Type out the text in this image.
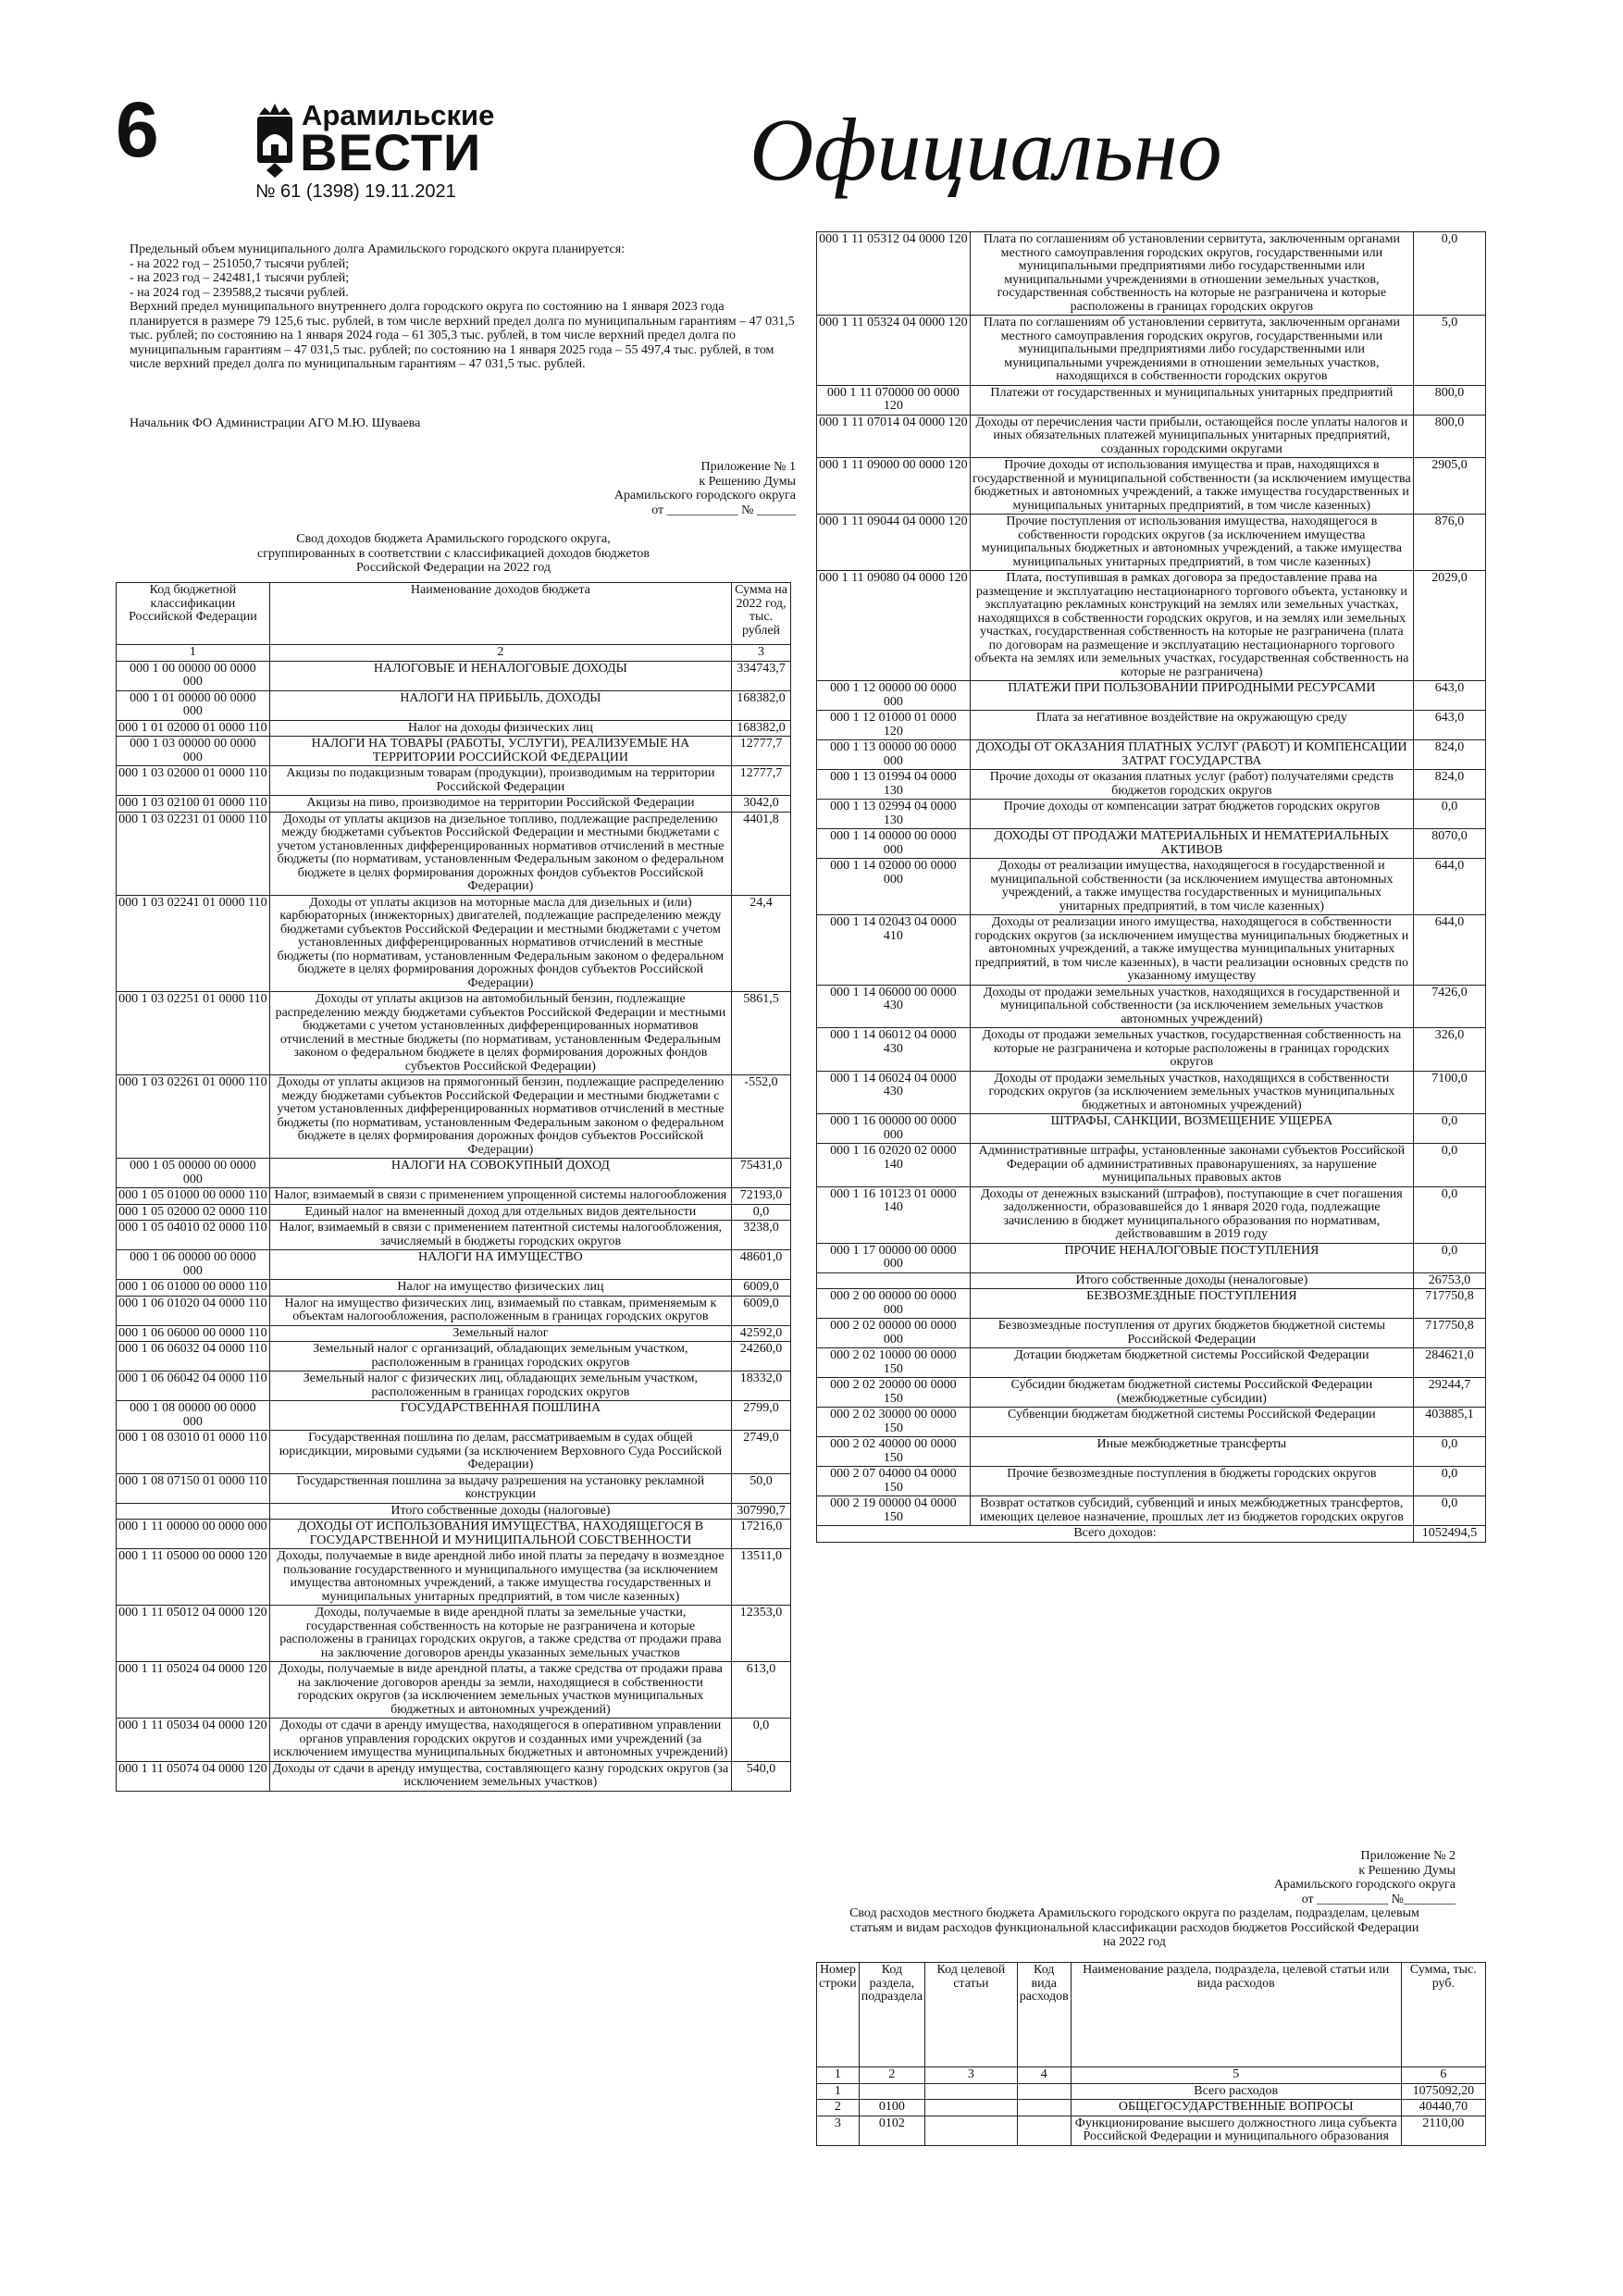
6	Арамильские
ВЕСТИ
№ 61 (1398) 19.11.2021	Официально

Предельный объем муниципального долга Арамильского городского округа планируется:

- на 2022 год – 251050,7 тысячи рублей;

- на 2023 год – 242481,1 тысячи рублей;

- на 2024 год – 239588,2 тысячи рублей.

Верхний предел муниципального внутреннего долга городского округа по состоянию на 1 января 2023 года планируется в размере 79 125,6 тыс. рублей, в том числе верхний предел долга по муниципальным гарантиям – 47 031,5 тыс. рублей; по состоянию на 1 января 2024 года – 61 305,3 тыс. рублей, в том числе верхний предел долга по муниципальным гарантиям – 47 031,5 тыс. рублей; по состоянию на 1 января 2025 года – 55 497,4 тыс. рублей, в том числе верхний предел долга по муниципальным гарантиям – 47 031,5 тыс. рублей.

Начальник ФО Администрации АГО М.Ю. Шуваева

Приложение № 1

к Решению Думы

Арамильского городского округа

от ___________ № ______

Свод доходов бюджета Арамильского городского округа,

сгруппированных в соответствии с классификацией доходов бюджетов

Российской Федерации на 2022 год

Код бюджетной классификации Российской Федерации	Наименование доходов бюджета	Сумма на 2022 год, тыс. рублей
1	2	3
000 1 00 00000 00 0000 000	НАЛОГОВЫЕ И НЕНАЛОГОВЫЕ ДОХОДЫ	334743,7
000 1 01 00000 00 0000 000	НАЛОГИ НА ПРИБЫЛЬ, ДОХОДЫ	168382,0
000 1 01 02000 01 0000 110	Налог на доходы физических лиц	168382,0
000 1 03 00000 00 0000 000	НАЛОГИ НА ТОВАРЫ (РАБОТЫ, УСЛУГИ), РЕАЛИЗУЕМЫЕ НА ТЕРРИТОРИИ РОССИЙСКОЙ ФЕДЕРАЦИИ	12777,7
000 1 03 02000 01 0000 110	Акцизы по подакцизным товарам (продукции), производимым на территории Российской Федерации	12777,7
000 1 03 02100 01 0000 110	Акцизы на пиво, производимое на территории Российской Федерации	3042,0
000 1 03 02231 01 0000 110	Доходы от уплаты акцизов на дизельное топливо, подлежащие распределению между бюджетами субъектов Российской Федерации и местными бюджетами с учетом установленных дифференцированных нормативов отчислений в местные бюджеты (по нормативам, установленным Федеральным законом о федеральном бюджете в целях формирования дорожных фондов субъектов Российской Федерации)	4401,8
000 1 03 02241 01 0000 110	Доходы от уплаты акцизов на моторные масла для дизельных и (или) карбюраторных (инжекторных) двигателей, подлежащие распределению между бюджетами субъектов Российской Федерации и местными бюджетами с учетом установленных дифференцированных нормативов отчислений в местные бюджеты (по нормативам, установленным Федеральным законом о федеральном бюджете в целях формирования дорожных фондов субъектов Российской Федерации)	24,4
000 1 03 02251 01 0000 110	Доходы от уплаты акцизов на автомобильный бензин, подлежащие распределению между бюджетами субъектов Российской Федерации и местными бюджетами с учетом установленных дифференцированных нормативов отчислений в местные бюджеты (по нормативам, установленным Федеральным законом о федеральном бюджете в целях формирования дорожных фондов субъектов Российской Федерации)	5861,5
000 1 03 02261 01 0000 110	Доходы от уплаты акцизов на прямогонный бензин, подлежащие распределению между бюджетами субъектов Российской Федерации и местными бюджетами с учетом установленных дифференцированных нормативов отчислений в местные бюджеты (по нормативам, установленным Федеральным законом о федеральном бюджете в целях формирования дорожных фондов субъектов Российской Федерации)	-552,0
000 1 05 00000 00 0000 000	НАЛОГИ НА СОВОКУПНЫЙ ДОХОД	75431,0
000 1 05 01000 00 0000 110	Налог, взимаемый в связи с применением упрощенной системы налогообложения	72193,0
000 1 05 02000 02 0000 110	Единый налог на вмененный доход для отдельных видов деятельности	0,0
000 1 05 04010 02 0000 110	Налог, взимаемый в связи с применением патентной системы налогообложения, зачисляемый в бюджеты городских округов	3238,0
000 1 06 00000 00 0000 000	НАЛОГИ НА ИМУЩЕСТВО	48601,0
000 1 06 01000 00 0000 110	Налог на имущество физических лиц	6009,0
000 1 06 01020 04 0000 110	Налог на имущество физических лиц, взимаемый по ставкам, применяемым к объектам налогообложения, расположенным в границах городских округов	6009,0
000 1 06 06000 00 0000 110	Земельный налог	42592,0
000 1 06 06032 04 0000 110	Земельный налог с организаций, обладающих земельным участком, расположенным в границах городских округов	24260,0
000 1 06 06042 04 0000 110	Земельный налог с физических лиц, обладающих земельным участком, расположенным в границах городских округов	18332,0
000 1 08 00000 00 0000 000	ГОСУДАРСТВЕННАЯ ПОШЛИНА	2799,0
000 1 08 03010 01 0000 110	Государственная пошлина по делам, рассматриваемым в судах общей юрисдикции, мировыми судьями (за исключением Верховного Суда Российской Федерации)	2749,0
000 1 08 07150 01 0000 110	Государственная пошлина за выдачу разрешения на установку рекламной конструкции	50,0
	Итого собственные доходы (налоговые)	307990,7
000 1 11 00000 00 0000 000	ДОХОДЫ ОТ ИСПОЛЬЗОВАНИЯ ИМУЩЕСТВА, НАХОДЯЩЕГОСЯ В ГОСУДАРСТВЕННОЙ И МУНИЦИПАЛЬНОЙ СОБСТВЕННОСТИ	17216,0
000 1 11 05000 00 0000 120	Доходы, получаемые в виде арендной либо иной платы за передачу в возмездное пользование государственного и муниципального имущества (за исключением имущества автономных учреждений, а также имущества государственных и муниципальных унитарных предприятий, в том числе казенных)	13511,0
000 1 11 05012 04 0000 120	Доходы, получаемые в виде арендной платы за земельные участки, государственная собственность на которые не разграничена и которые расположены в границах городских округов, а также средства от продажи права на заключение договоров аренды указанных земельных участков	12353,0
000 1 11 05024 04 0000 120	Доходы, получаемые в виде арендной платы, а также средства от продажи права на заключение договоров аренды за земли, находящиеся в собственности городских округов (за исключением земельных участков муниципальных бюджетных и автономных учреждений)	613,0
000 1 11 05034 04 0000 120	Доходы от сдачи в аренду имущества, находящегося в оперативном управлении органов управления городских округов и созданных ими учреждений (за исключением имущества муниципальных бюджетных и автономных учреждений)	0,0
000 1 11 05074 04 0000 120	Доходы от сдачи в аренду имущества, составляющего казну городских округов (за исключением земельных участков)	540,0
000 1 11 05312 04 0000 120	Плата по соглашениям об установлении сервитута, заключенным органами местного самоуправления городских округов, государственными или муниципальными предприятиями либо государственными или муниципальными учреждениями в отношении земельных участков, государственная собственность на которые не разграничена и которые расположены в границах городских округов	0,0
000 1 11 05324 04 0000 120	Плата по соглашениям об установлении сервитута, заключенным органами местного самоуправления городских округов, государственными или муниципальными предприятиями либо государственными или муниципальными учреждениями в отношении земельных участков, находящихся в собственности городских округов	5,0
000 1 11 070000 00 0000 120	Платежи от государственных и муниципальных унитарных предприятий	800,0
000 1 11 07014 04 0000 120	Доходы от перечисления части прибыли, остающейся после уплаты налогов и иных обязательных платежей муниципальных унитарных предприятий, созданных городскими округами	800,0
000 1 11 09000 00 0000 120	Прочие доходы от использования имущества и прав, находящихся в государственной и муниципальной собственности (за исключением имущества бюджетных и автономных учреждений, а также имущества государственных и муниципальных унитарных предприятий, в том числе казенных)	2905,0
000 1 11 09044 04 0000 120	Прочие поступления от использования имущества, находящегося в собственности городских округов (за исключением имущества муниципальных бюджетных и автономных учреждений, а также имущества муниципальных унитарных предприятий, в том числе казенных)	876,0
000 1 11 09080 04 0000 120	Плата, поступившая в рамках договора за предоставление права на размещение и эксплуатацию нестационарного торгового объекта, установку и эксплуатацию рекламных конструкций на землях или земельных участках, находящихся в собственности городских округов, и на землях или земельных участках, государственная собственность на которые не разграничена (плата по договорам на размещение и эксплуатацию нестационарного торгового объекта на землях или земельных участках, государственная собственность на которые не разграничена)	2029,0
000 1 12 00000 00 0000 000	ПЛАТЕЖИ ПРИ ПОЛЬЗОВАНИИ ПРИРОДНЫМИ РЕСУРСАМИ	643,0
000 1 12 01000 01 0000 120	Плата за негативное воздействие на окружающую среду	643,0
000 1 13 00000 00 0000 000	ДОХОДЫ ОТ ОКАЗАНИЯ ПЛАТНЫХ УСЛУГ (РАБОТ) И КОМПЕНСАЦИИ ЗАТРАТ ГОСУДАРСТВА	824,0
000 1 13 01994 04 0000 130	Прочие доходы от оказания платных услуг (работ) получателями средств бюджетов городских округов	824,0
000 1 13 02994 04 0000 130	Прочие доходы от компенсации затрат бюджетов городских округов	0,0
000 1 14 00000 00 0000 000	ДОХОДЫ ОТ ПРОДАЖИ МАТЕРИАЛЬНЫХ И НЕМАТЕРИАЛЬНЫХ АКТИВОВ	8070,0
000 1 14 02000 00 0000 000	Доходы от реализации имущества, находящегося в государственной и муниципальной собственности (за исключением имущества автономных учреждений, а также имущества государственных и муниципальных унитарных предприятий, в том числе казенных)	644,0
000 1 14 02043 04 0000 410	Доходы от реализации иного имущества, находящегося в собственности городских округов (за исключением имущества муниципальных бюджетных и автономных учреждений, а также имущества муниципальных унитарных предприятий, в том числе казенных), в части реализации основных средств по указанному имуществу	644,0
000 1 14 06000 00 0000 430	Доходы от продажи земельных участков, находящихся в государственной и муниципальной собственности (за исключением земельных участков автономных учреждений)	7426,0
000 1 14 06012 04 0000 430	Доходы от продажи земельных участков, государственная собственность на которые не разграничена и которые расположены в границах городских округов	326,0
000 1 14 06024 04 0000 430	Доходы от продажи земельных участков, находящихся в собственности городских округов (за исключением земельных участков муниципальных бюджетных и автономных учреждений)	7100,0
000 1 16 00000 00 0000 000	ШТРАФЫ, САНКЦИИ, ВОЗМЕЩЕНИЕ УЩЕРБА	0,0
000 1 16 02020 02 0000 140	Административные штрафы, установленные законами субъектов Российской Федерации об административных правонарушениях, за нарушение муниципальных правовых актов	0,0
000 1 16 10123 01 0000 140	Доходы от денежных взысканий (штрафов), поступающие в счет погашения задолженности, образовавшейся до 1 января 2020 года, подлежащие зачислению в бюджет муниципального образования по нормативам, действовавшим в 2019 году	0,0
000 1 17 00000 00 0000 000	ПРОЧИЕ НЕНАЛОГОВЫЕ ПОСТУПЛЕНИЯ	0,0
	Итого собственные доходы (неналоговые)	26753,0
000 2 00 00000 00 0000 000	БЕЗВОЗМЕЗДНЫЕ ПОСТУПЛЕНИЯ	717750,8
000 2 02 00000 00 0000 000	Безвозмездные поступления от других бюджетов бюджетной системы Российской Федерации	717750,8
000 2 02 10000 00 0000 150	Дотации бюджетам бюджетной системы Российской Федерации	284621,0
000 2 02 20000 00 0000 150	Субсидии бюджетам бюджетной системы Российской Федерации (межбюджетные субсидии)	29244,7
000 2 02 30000 00 0000 150	Субвенции бюджетам бюджетной системы Российской Федерации	403885,1
000 2 02 40000 00 0000 150	Иные межбюджетные трансферты	0,0
000 2 07 04000 04 0000 150	Прочие безвозмездные поступления в бюджеты городских округов	0,0
000 2 19 00000 04 0000 150	Возврат остатков субсидий, субвенций и иных межбюджетных трансфертов, имеющих целевое назначение, прошлых лет из бюджетов городских округов	0,0
Всего доходов:		1052494,5

Приложение № 2

к Решению Думы

Арамильского городского округа

от ___________ №________

Свод расходов местного бюджета Арамильского городского округа по разделам, подразделам, целевым

статьям и видам расходов функциональной классификации расходов бюджетов Российской Федерации

на 2022 год

Номер строки	Код раздела, подраздела	Код целевой статьи	Код вида расходов	Наименование раздела, подраздела, целевой статьи или вида расходов	Сумма, тыс. руб.
1	2	3	4	5	6
1				Всего расходов	1075092,20
2	0100			ОБЩЕГОСУДАРСТВЕННЫЕ ВОПРОСЫ	40440,70
3	0102			Функционирование высшего должностного лица субъекта Российской Федерации и муниципального образования	2110,00
